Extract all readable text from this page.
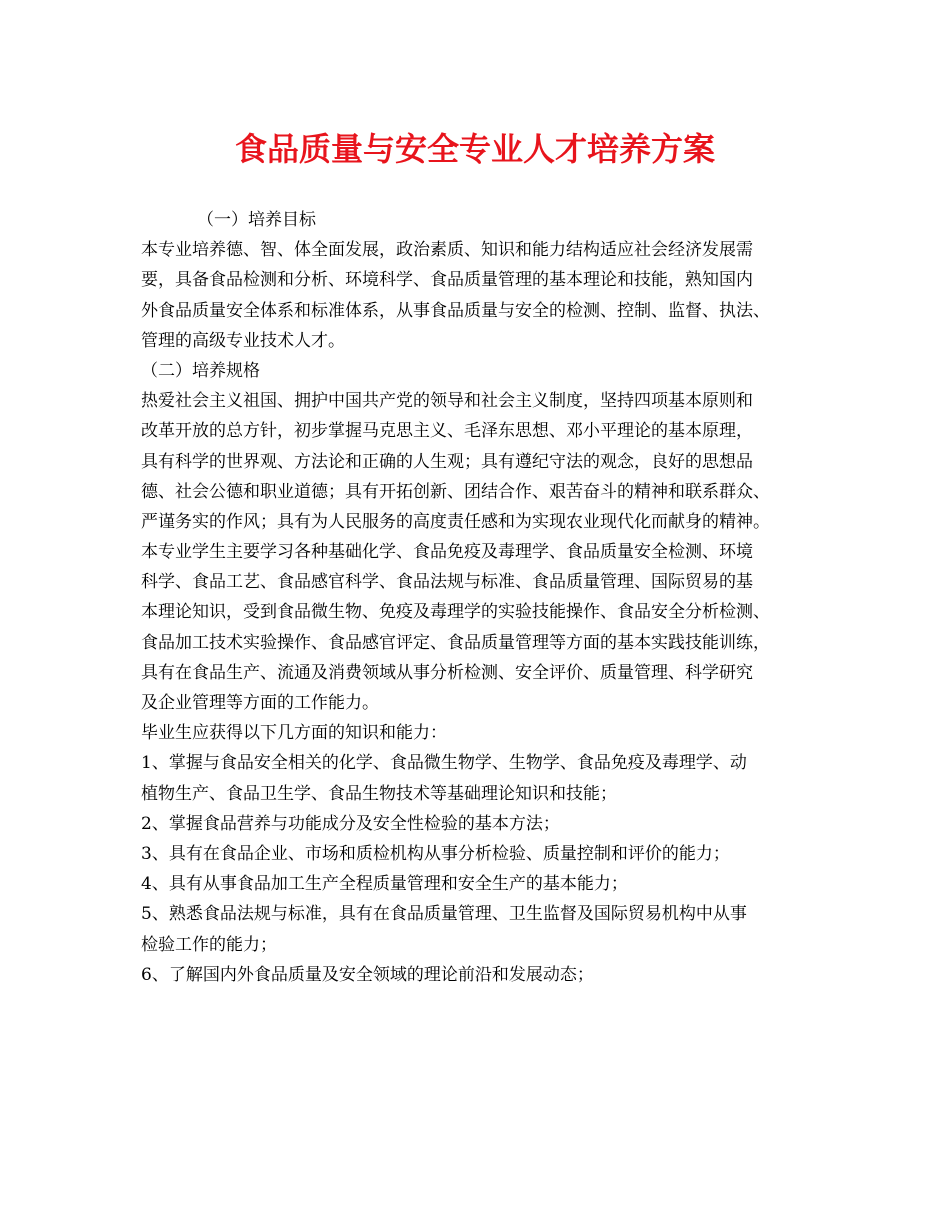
食品质量与安全专业人才培养方案
（一）培养目标
本专业培养德、智、体全面发展，政治素质、知识和能力结构适应社会经济发展需
要，具备食品检测和分析、环境科学、食品质量管理的基本理论和技能，熟知国内
外食品质量安全体系和标准体系，从事食品质量与安全的检测、控制、监督、执法、
管理的高级专业技术人才。
（二）培养规格
热爱社会主义祖国、拥护中国共产党的领导和社会主义制度，坚持四项基本原则和
改革开放的总方针，初步掌握马克思主义、毛泽东思想、邓小平理论的基本原理，
具有科学的世界观、方法论和正确的人生观；具有遵纪守法的观念，良好的思想品
德、社会公德和职业道德；具有开拓创新、团结合作、艰苦奋斗的精神和联系群众、
严谨务实的作风；具有为人民服务的高度责任感和为实现农业现代化而献身的精神。
本专业学生主要学习各种基础化学、食品免疫及毒理学、食品质量安全检测、环境
科学、食品工艺、食品感官科学、食品法规与标准、食品质量管理、国际贸易的基
本理论知识，受到食品微生物、免疫及毒理学的实验技能操作、食品安全分析检测、
食品加工技术实验操作、食品感官评定、食品质量管理等方面的基本实践技能训练，
具有在食品生产、流通及消费领域从事分析检测、安全评价、质量管理、科学研究
及企业管理等方面的工作能力。
毕业生应获得以下几方面的知识和能力：
1、掌握与食品安全相关的化学、食品微生物学、生物学、食品免疫及毒理学、动
植物生产、食品卫生学、食品生物技术等基础理论知识和技能；
2、掌握食品营养与功能成分及安全性检验的基本方法；
3、具有在食品企业、市场和质检机构从事分析检验、质量控制和评价的能力；
4、具有从事食品加工生产全程质量管理和安全生产的基本能力；
5、熟悉食品法规与标准，具有在食品质量管理、卫生监督及国际贸易机构中从事
检验工作的能力；
6、了解国内外食品质量及安全领域的理论前沿和发展动态；
